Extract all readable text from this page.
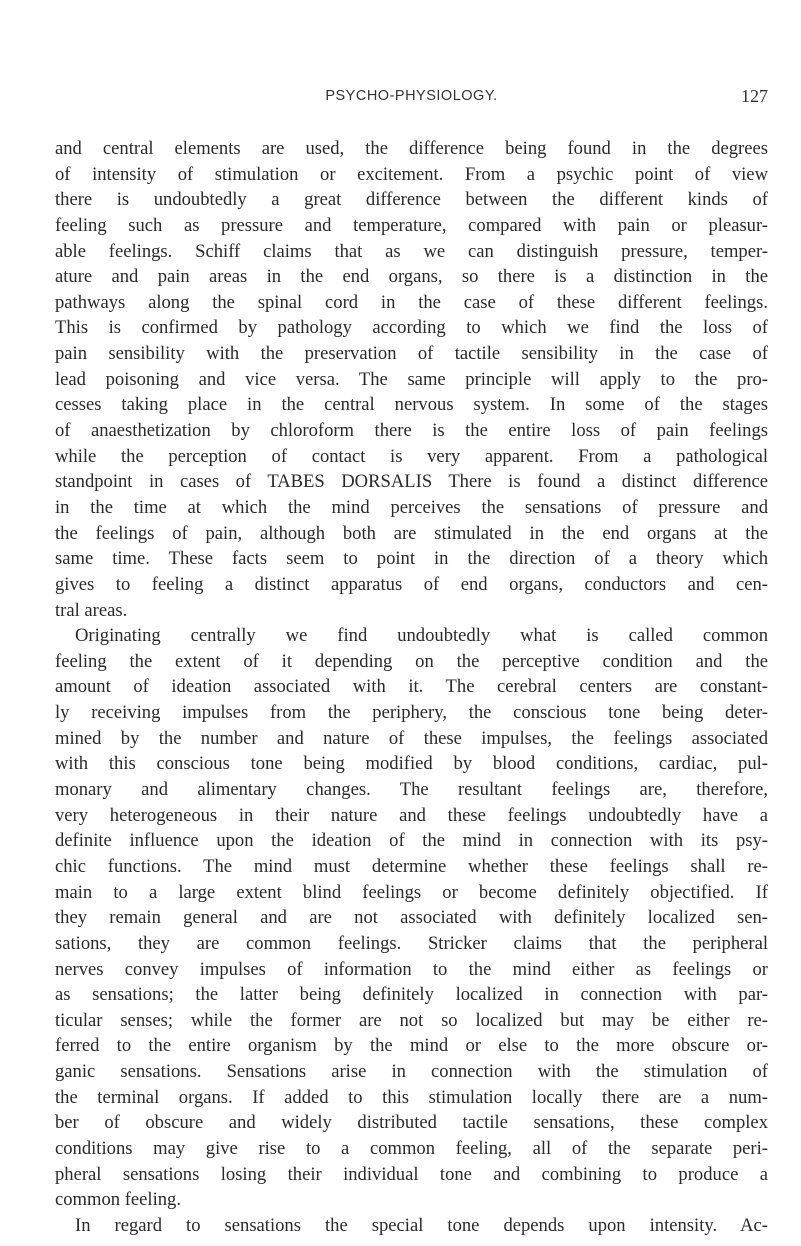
PSYCHO-PHYSIOLOGY.	127
and central elements are used, the difference being found in the degrees
of intensity of stimulation or excitement. From a psychic point of view
there is undoubtedly a great difference between the different kinds of
feeling such as pressure and temperature, compared with pain or pleasur-
able feelings. Schiff claims that as we can distinguish pressure, temper-
ature and pain areas in the end organs, so there is a distinction in the
pathways along the spinal cord in the case of these different feelings.
This is confirmed by pathology according to which we find the loss of
pain sensibility with the preservation of tactile sensibility in the case of
lead poisoning and vice versa. The same principle will apply to the pro-
cesses taking place in the central nervous system. In some of the stages
of anaesthetization by chloroform there is the entire loss of pain feelings
while the perception of contact is very apparent. From a pathological
standpoint in cases of TABES DORSALIS There is found a distinct difference
in the time at which the mind perceives the sensations of pressure and
the feelings of pain, although both are stimulated in the end organs at the
same time. These facts seem to point in the direction of a theory which
gives to feeling a distinct apparatus of end organs, conductors and cen-
tral areas.
Originating centrally we find undoubtedly what is called common
feeling the extent of it depending on the perceptive condition and the
amount of ideation associated with it. The cerebral centers are constant-
ly receiving impulses from the periphery, the conscious tone being deter-
mined by the number and nature of these impulses, the feelings associated
with this conscious tone being modified by blood conditions, cardiac, pul-
monary and alimentary changes. The resultant feelings are, therefore,
very heterogeneous in their nature and these feelings undoubtedly have a
definite influence upon the ideation of the mind in connection with its psy-
chic functions. The mind must determine whether these feelings shall re-
main to a large extent blind feelings or become definitely objectified. If
they remain general and are not associated with definitely localized sen-
sations, they are common feelings. Stricker claims that the peripheral
nerves convey impulses of information to the mind either as feelings or
as sensations; the latter being definitely localized in connection with par-
ticular senses; while the former are not so localized but may be either re-
ferred to the entire organism by the mind or else to the more obscure or-
ganic sensations. Sensations arise in connection with the stimulation of
the terminal organs. If added to this stimulation locally there are a num-
ber of obscure and widely distributed tactile sensations, these complex
conditions may give rise to a common feeling, all of the separate peri-
pheral sensations losing their individual tone and combining to produce a
common feeling.
In regard to sensations the special tone depends upon intensity. Ac-
